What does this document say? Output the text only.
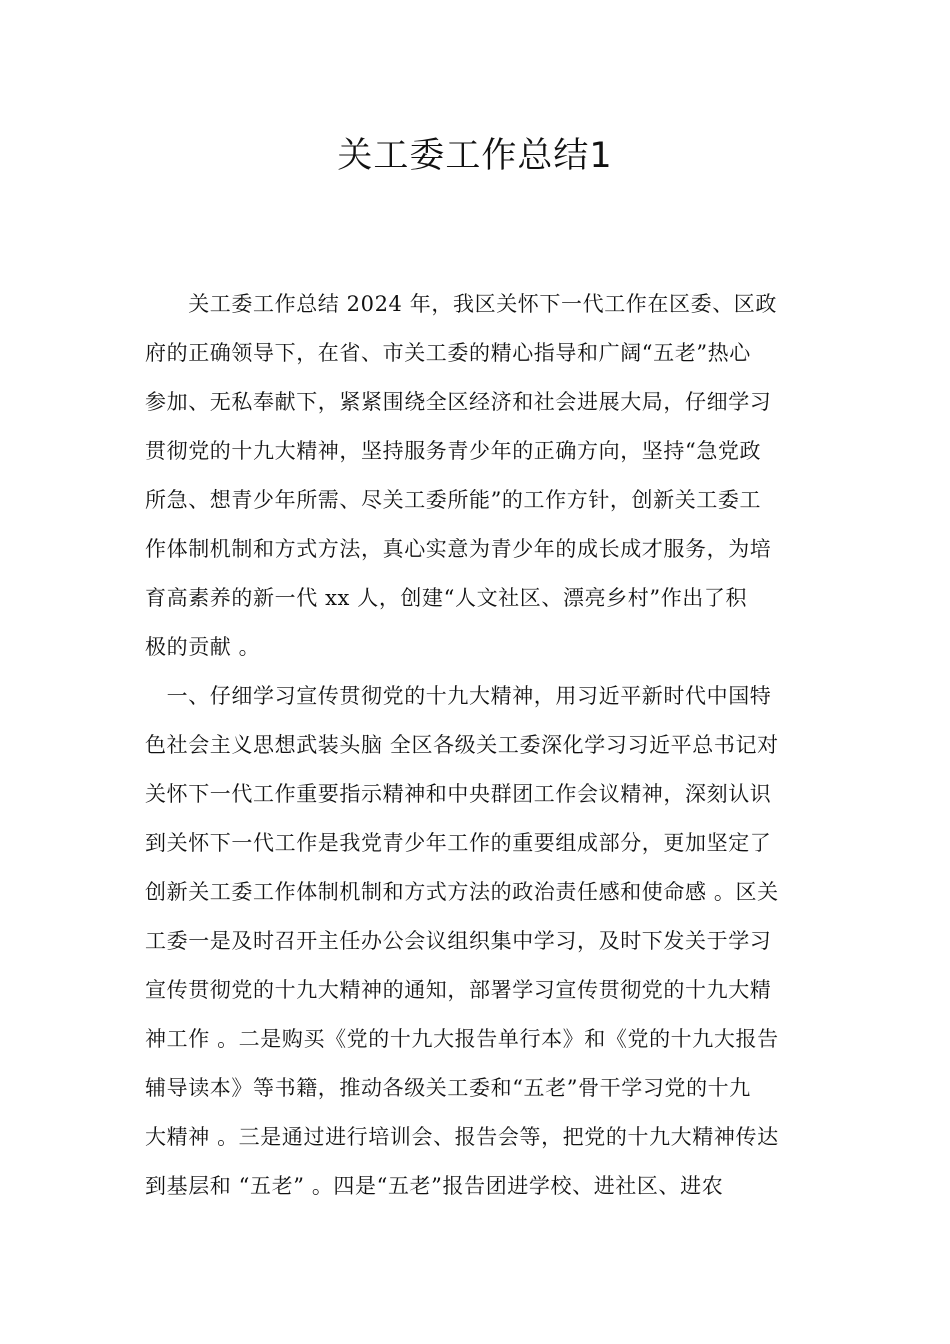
关工委工作总结1
　　关工委工作总结 2024 年，我区关怀下一代工作在区委、区政
府的正确领导下，在省、市关工委的精心指导和广阔“五老”热心
参加、无私奉献下，紧紧围绕全区经济和社会进展大局，仔细学习
贯彻党的十九大精神，坚持服务青少年的正确方向，坚持“急党政
所急、想青少年所需、尽关工委所能”的工作方针，创新关工委工
作体制机制和方式方法，真心实意为青少年的成长成才服务，为培
育高素养的新一代 xx 人，创建“人文社区、漂亮乡村”作出了积
极的贡献 。
　一、仔细学习宣传贯彻党的十九大精神，用习近平新时代中国特
色社会主义思想武装头脑 全区各级关工委深化学习习近平总书记对
关怀下一代工作重要指示精神和中央群团工作会议精神，深刻认识
到关怀下一代工作是我党青少年工作的重要组成部分，更加坚定了
创新关工委工作体制机制和方式方法的政治责任感和使命感 。区关
工委一是及时召开主任办公会议组织集中学习，及时下发关于学习
宣传贯彻党的十九大精神的通知，部署学习宣传贯彻党的十九大精
神工作 。二是购买《党的十九大报告单行本》和《党的十九大报告
辅导读本》等书籍，推动各级关工委和“五老”骨干学习党的十九
大精神 。三是通过进行培训会、报告会等，把党的十九大精神传达
到基层和 “五老” 。四是“五老”报告团进学校、进社区、进农
